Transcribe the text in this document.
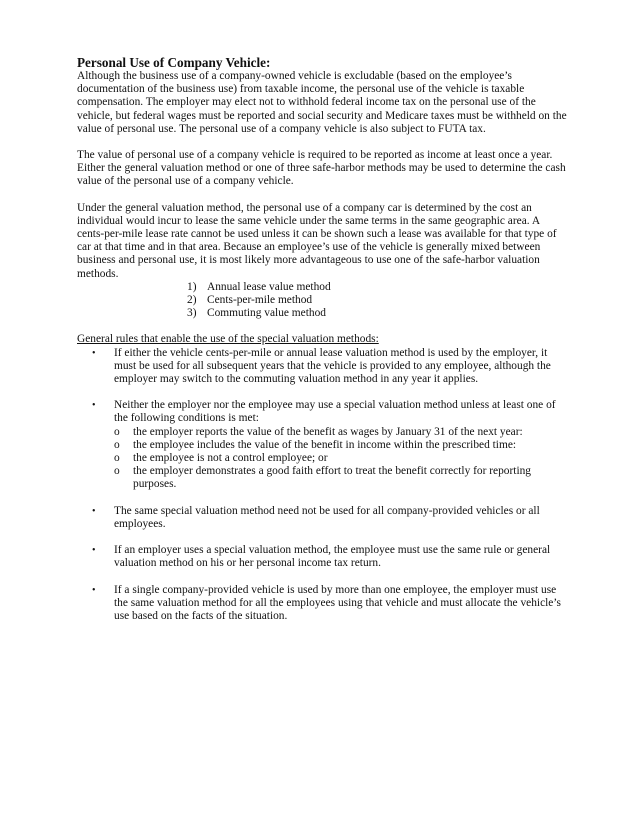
Personal Use of Company Vehicle:

Although the business use of a company-owned vehicle is excludable (based on the employee’s documentation of the business use) from taxable income, the personal use of the vehicle is taxable compensation. The employer may elect not to withhold federal income tax on the personal use of the vehicle, but federal wages must be reported and social security and Medicare taxes must be withheld on the value of personal use. The personal use of a company vehicle is also subject to FUTA tax.

The value of personal use of a company vehicle is required to be reported as income at least once a year. Either the general valuation method or one of three safe-harbor methods may be used to determine the cash value of the personal use of a company vehicle.

Under the general valuation method, the personal use of a company car is determined by the cost an individual would incur to lease the same vehicle under the same terms in the same geographic area. A cents-per-mile lease rate cannot be used unless it can be shown such a lease was available for that type of car at that time and in that area. Because an employee’s use of the vehicle is generally mixed between business and personal use, it is most likely more advantageous to use one of the safe-harbor valuation methods.

1) Annual lease value method
2) Cents-per-mile method
3) Commuting value method

General rules that enable the use of the special valuation methods:

• If either the vehicle cents-per-mile or annual lease valuation method is used by the employer, it must be used for all subsequent years that the vehicle is provided to any employee, although the employer may switch to the commuting valuation method in any year it applies.
• Neither the employer nor the employee may use a special valuation method unless at least one of the following conditions is met:
o the employer reports the value of the benefit as wages by January 31 of the next year:
o the employee includes the value of the benefit in income within the prescribed time:
o the employee is not a control employee; or
o the employer demonstrates a good faith effort to treat the benefit correctly for reporting purposes.
• The same special valuation method need not be used for all company-provided vehicles or all employees.
• If an employer uses a special valuation method, the employee must use the same rule or general valuation method on his or her personal income tax return.
• If a single company-provided vehicle is used by more than one employee, the employer must use the same valuation method for all the employees using that vehicle and must allocate the vehicle’s use based on the facts of the situation.
